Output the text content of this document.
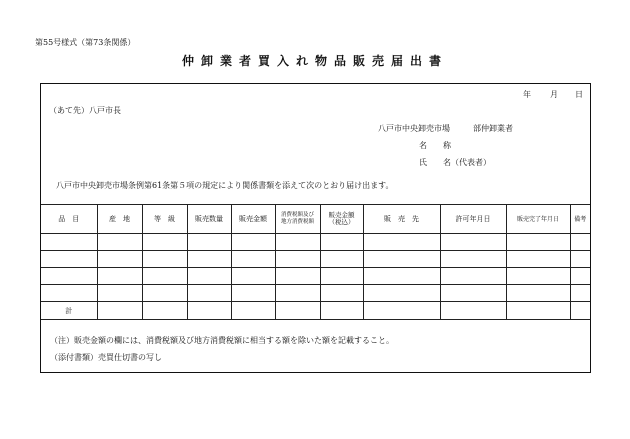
第55号様式（第73条関係）
仲卸業者買入れ物品販売届出書
年 月 日
（あて先）八戸市長
八戸市中央卸売市場	部仲卸業者
名　　称
氏　　名（代表者）
八戸市中央卸売市場条例第61条第５項の規定により関係書類を添えて次のとおり届け出ます。
品　目	産　地	等　級	販売数量	販売金額	消費税額及び地方消費税額	販売金額（税込）	販　売　先	許可年月日	販売完了年月日	備考

計										
（注）販売金額の欄には、消費税額及び地方消費税額に相当する額を除いた額を記載すること。
（添付書類）売買仕切書の写し
